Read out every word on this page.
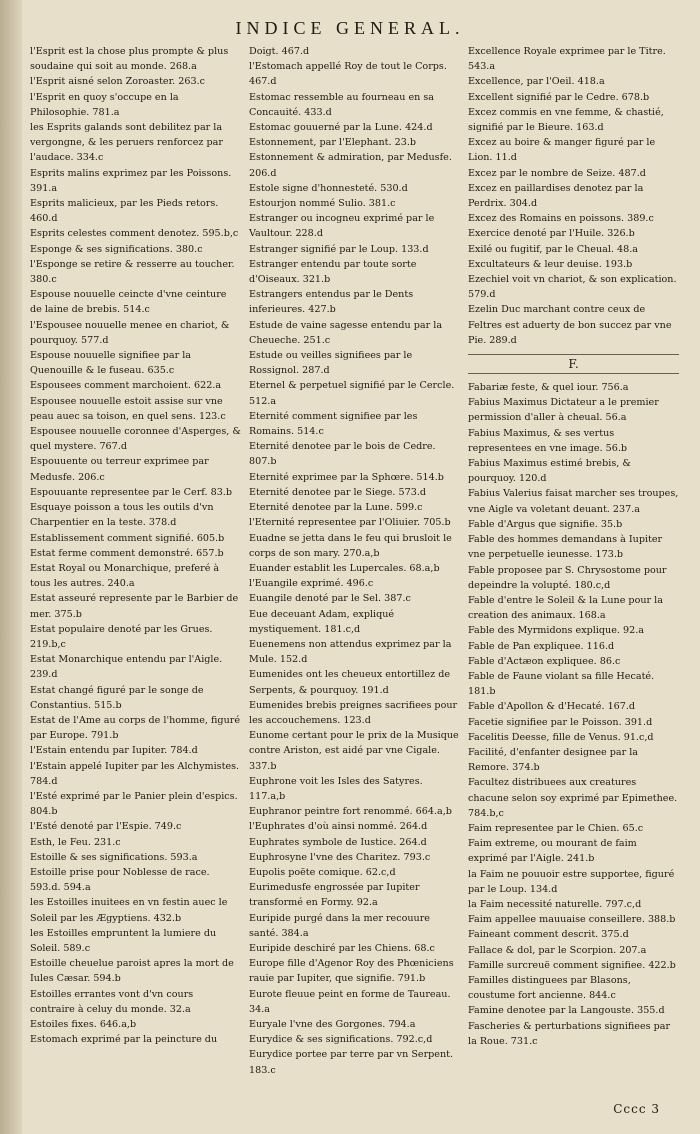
INDICE GENERAL.

l'Esprit est la chose plus prompte & plus soudaine qui soit au monde. 268.a

l'Esprit aisné selon Zoroaster. 263.c

l'Esprit en quoy s'occupe en la Philosophie. 781.a

les Esprits galands sont debilitez par la vergongne, & les peruers renforcez par l'audace. 334.c

Esprits malins exprimez par les Poissons. 391.a

Esprits malicieux, par les Pieds retors. 460.d

Esprits celestes comment denotez. 595.b,c

Esponge & ses significations. 380.c

l'Esponge se retire & resserre au toucher. 380.c

Espouse nouuelle ceincte d'vne ceinture de laine de brebis. 514.c

l'Espousee nouuelle menee en chariot, & pourquoy. 577.d

Espouse nouuelle signifiee par la Quenouille & le fuseau. 635.c

Espousees comment marchoient. 622.a

Espousee nouuelle estoit assise sur vne peau auec sa toison, en quel sens. 123.c

Espousee nouuelle coronnee d'Asperges, & quel mystere. 767.d

Espouuente ou terreur exprimee par Medusfe. 206.c

Espouuante representee par le Cerf. 83.b

Esquaye poisson a tous les outils d'vn Charpentier en la teste. 378.d

Establissement comment signifié. 605.b

Estat ferme comment demonstré. 657.b

Estat Royal ou Monarchique, preferé à tous les autres. 240.a

Estat asseuré represente par le Barbier de mer. 375.b

Estat populaire denoté par les Grues. 219.b,c

Estat Monarchique entendu par l'Aigle. 239.d

Estat changé figuré par le songe de Constantius. 515.b

Estat de l'Ame au corps de l'homme, figuré par Europe. 791.b

l'Estain entendu par Iupiter. 784.d

l'Estain appelé Iupiter par les Alchymistes. 784.d

l'Esté exprimé par le Panier plein d'espics. 804.b

l'Esté denoté par l'Espie. 749.c

Esth, le Feu. 231.c

Estoille & ses significations. 593.a

Estoille prise pour Noblesse de race. 593.d. 594.a

les Estoilles inuitees en vn festin auec le Soleil par les Ægyptiens. 432.b

les Estoilles empruntent la lumiere du Soleil. 589.c

Estoille cheuelue paroist apres la mort de Iules Cæsar. 594.b

Estoilles errantes vont d'vn cours contraire à celuy du monde. 32.a

Estoiles fixes. 646.a,b

Estomach exprimé par la peincture du

Doigt. 467.d

l'Estomach appellé Roy de tout le Corps. 467.d

Estomac ressemble au fourneau en sa Concauité. 433.d

Estomac gouuerné par la Lune. 424.d

Estonnement, par l'Elephant. 23.b

Estonnement & admiration, par Medusfe. 206.d

Estole signe d'honnesteté. 530.d

Estourjon nommé Sulio. 381.c

Estranger ou incogneu exprimé par le Vaultour. 228.d

Estranger signifié par le Loup. 133.d

Estranger entendu par toute sorte d'Oiseaux. 321.b

Estrangers entendus par le Dents inferieures. 427.b

Estude de vaine sagesse entendu par la Cheueche. 251.c

Estude ou veilles signifiees par le Rossignol. 287.d

Eternel & perpetuel signifié par le Cercle. 512.a

Eternité comment signifiee par les Romains. 514.c

Eternité denotee par le bois de Cedre. 807.b

Eternité exprimee par la Sphœre. 514.b

Eternité denotee par le Siege. 573.d

Eternité denotee par la Lune. 599.c

l'Eternité representee par l'Oliuier. 705.b

Euadne se jetta dans le feu qui brusloit le corps de son mary. 270.a,b

Euander establit les Lupercales. 68.a,b

l'Euangile exprimé. 496.c

Euangile denoté par le Sel. 387.c

Eue deceuant Adam, expliqué mystiquement. 181.c,d

Euenemens non attendus exprimez par la Mule. 152.d

Eumenides ont les cheueux entortillez de Serpents, & pourquoy. 191.d

Eumenides brebis preignes sacrifiees pour les accouchemens. 123.d

Eunome certant pour le prix de la Musique contre Ariston, est aidé par vne Cigale. 337.b

Euphrone voit les Isles des Satyres. 117.a,b

Euphranor peintre fort renommé. 664.a,b

l'Euphrates d'où ainsi nommé. 264.d

Euphrates symbole de Iustice. 264.d

Euphrosyne l'vne des Charitez. 793.c

Eupolis poëte comique. 62.c,d

Eurimedusfe engrossée par Iupiter transformé en Formy. 92.a

Euripide purgé dans la mer recouure santé. 384.a

Euripide deschiré par les Chiens. 68.c

Europe fille d'Agenor Roy des Phœniciens rauie par Iupiter, que signifie. 791.b

Eurote fleuue peint en forme de Taureau. 34.a

Euryale l'vne des Gorgones. 794.a

Eurydice & ses significations. 792.c,d

Eurydice portee par terre par vn Serpent. 183.c

Excellence Royale exprimee par le Titre. 543.a

Excellence, par l'Oeil. 418.a

Excellent signifié par le Cedre. 678.b

Excez commis en vne femme, & chastié, signifié par le Bieure. 163.d

Excez au boire & manger figuré par le Lion. 11.d

Excez par le nombre de Seize. 487.d

Excez en paillardises denotez par la Perdrix. 304.d

Excez des Romains en poissons. 389.c

Exercice denoté par l'Huile. 326.b

Exilé ou fugitif, par le Cheual. 48.a

Excultateurs & leur deuise. 193.b

Ezechiel voit vn chariot, & son explication. 579.d

Ezelin Duc marchant contre ceux de Feltres est aduerty de bon succez par vne Pie. 289.d

F.

Fabariæ feste, & quel iour. 756.a

Fabius Maximus Dictateur a le premier permission d'aller à cheual. 56.a

Fabius Maximus, & ses vertus representees en vne image. 56.b

Fabius Maximus estimé brebis, & pourquoy. 120.d

Fabius Valerius faisat marcher ses troupes, vne Aigle va voletant deuant. 237.a

Fable d'Argus que signifie. 35.b

Fable des hommes demandans à Iupiter vne perpetuelle ieunesse. 173.b

Fable proposee par S. Chrysostome pour depeindre la volupté. 180.c,d

Fable d'entre le Soleil & la Lune pour la creation des animaux. 168.a

Fable des Myrmidons explique. 92.a

Fable de Pan expliquee. 116.d

Fable d'Actæon expliquee. 86.c

Fable de Faune violant sa fille Hecaté. 181.b

Fable d'Apollon & d'Hecaté. 167.d

Facetie signifiee par le Poisson. 391.d

Facelitis Deesse, fille de Venus. 91.c,d

Facilité, d'enfanter designee par la Remore. 374.b

Facultez distribuees aux creatures chacune selon soy exprimé par Epimethee. 784.b,c

Faim representee par le Chien. 65.c

Faim extreme, ou mourant de faim exprimé par l'Aigle. 241.b

la Faim ne pouuoir estre supportee, figuré par le Loup. 134.d

la Faim necessité naturelle. 797.c,d

Faim appellee mauuaise conseillere. 388.b

Faineant comment descrit. 375.d

Fallace & dol, par le Scorpion. 207.a

Famille surcreuë comment signifiee. 422.b

Familles distinguees par Blasons, coustume fort ancienne. 844.c

Famine denotee par la Langouste. 355.d

Fascheries & perturbations signifiees par la Roue. 731.c

Cccc 3
